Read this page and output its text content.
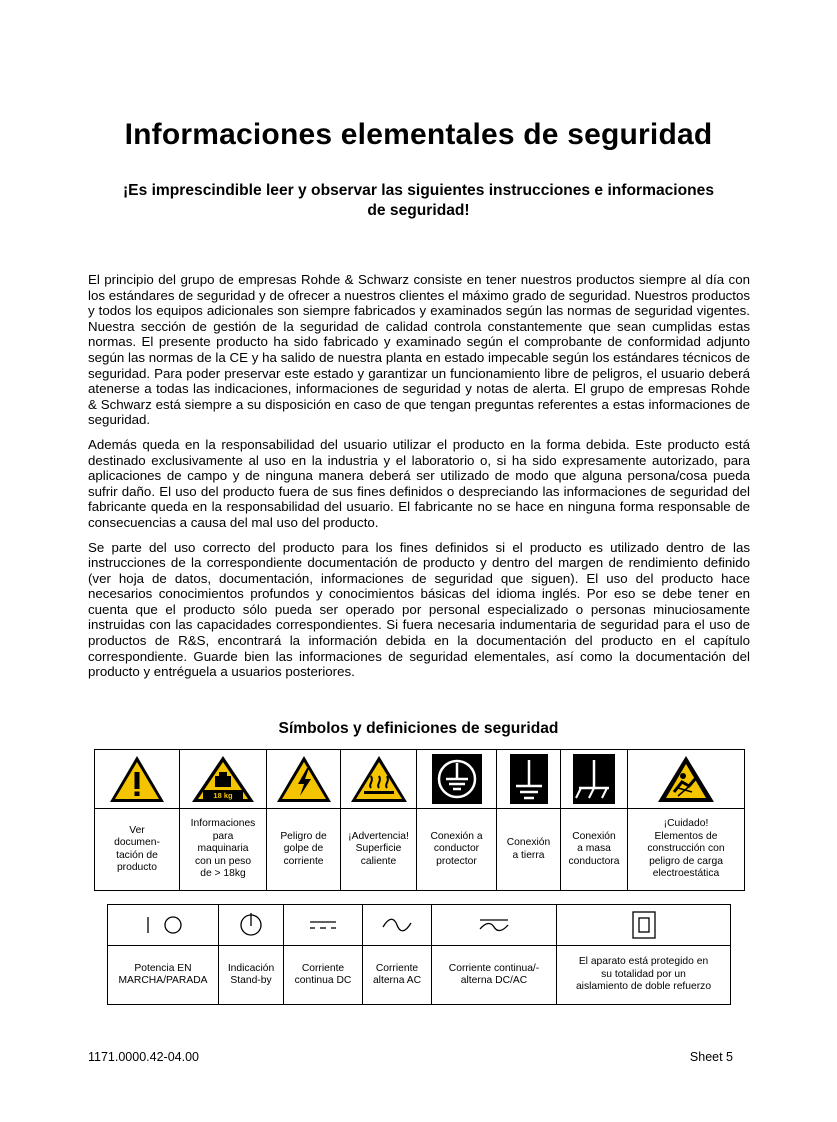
Informaciones elementales de seguridad
¡Es imprescindible leer y observar las siguientes instrucciones e informaciones
de seguridad!

El principio del grupo de empresas Rohde & Schwarz consiste en tener nuestros productos siempre al día con los estándares de seguridad y de ofrecer a nuestros clientes el máximo grado de seguridad. Nuestros productos y todos los equipos adicionales son siempre fabricados y examinados según las normas de seguridad vigentes. Nuestra sección de gestión de la seguridad de calidad controla constantemente que sean cumplidas estas normas. El presente producto ha sido fabricado y examinado según el comprobante de conformidad adjunto según las normas de la CE y ha salido de nuestra planta en estado impecable según los estándares técnicos de seguridad. Para poder preservar este estado y garantizar un funcionamiento libre de peligros, el usuario deberá atenerse a todas las indicaciones, informaciones de seguridad y notas de alerta. El grupo de empresas Rohde & Schwarz está siempre a su disposición en caso de que tengan preguntas referentes a estas informaciones de seguridad.

Además queda en la responsabilidad del usuario utilizar el producto en la forma debida. Este producto está destinado exclusivamente al uso en la industria y el laboratorio o, si ha sido expresamente autorizado, para aplicaciones de campo y de ninguna manera deberá ser utilizado de modo que alguna persona/cosa pueda sufrir daño. El uso del producto fuera de sus fines definidos o despreciando las informaciones de seguridad del fabricante queda en la responsabilidad del usuario. El fabricante no se hace en ninguna forma responsable de consecuencias a causa del mal uso del producto.

Se parte del uso correcto del producto para los fines definidos si el producto es utilizado dentro de las instrucciones de la correspondiente documentación de producto y dentro del margen de rendimiento definido (ver hoja de datos, documentación, informaciones de seguridad que siguen). El uso del producto hace necesarios conocimientos profundos y conocimientos básicas del idioma inglés. Por eso se debe tener en cuenta que el producto sólo pueda ser operado por personal especializado o personas minuciosamente instruidas con las capacidades correspondientes. Si fuera necesaria indumentaria de seguridad para el uso de productos de R&S, encontrará la información debida en la documentación del producto en el capítulo correspondiente. Guarde bien las informaciones de seguridad elementales, así como la documentación del producto y entréguela a usuarios posteriores.

Símbolos y definiciones de seguridad

18 kg

Ver
documen-
tación de
producto	Informaciones
para
maquinaria
con un peso
de > 18kg	Peligro de
golpe de
corriente	¡Advertencia!
Superficie
caliente	Conexión a
conductor
protector	Conexión
a tierra	Conexión
a masa
conductora	¡Cuidado!
Elementos de
construcción con
peligro de carga
electroestática

Potencia EN
MARCHA/PARADA	Indicación
Stand-by	Corriente
continua DC	Corriente
alterna AC	Corriente continua/-
alterna DC/AC	El aparato está protegido en
su totalidad por un
aislamiento de doble refuerzo
1171.0000.42-04.00	Sheet 5
